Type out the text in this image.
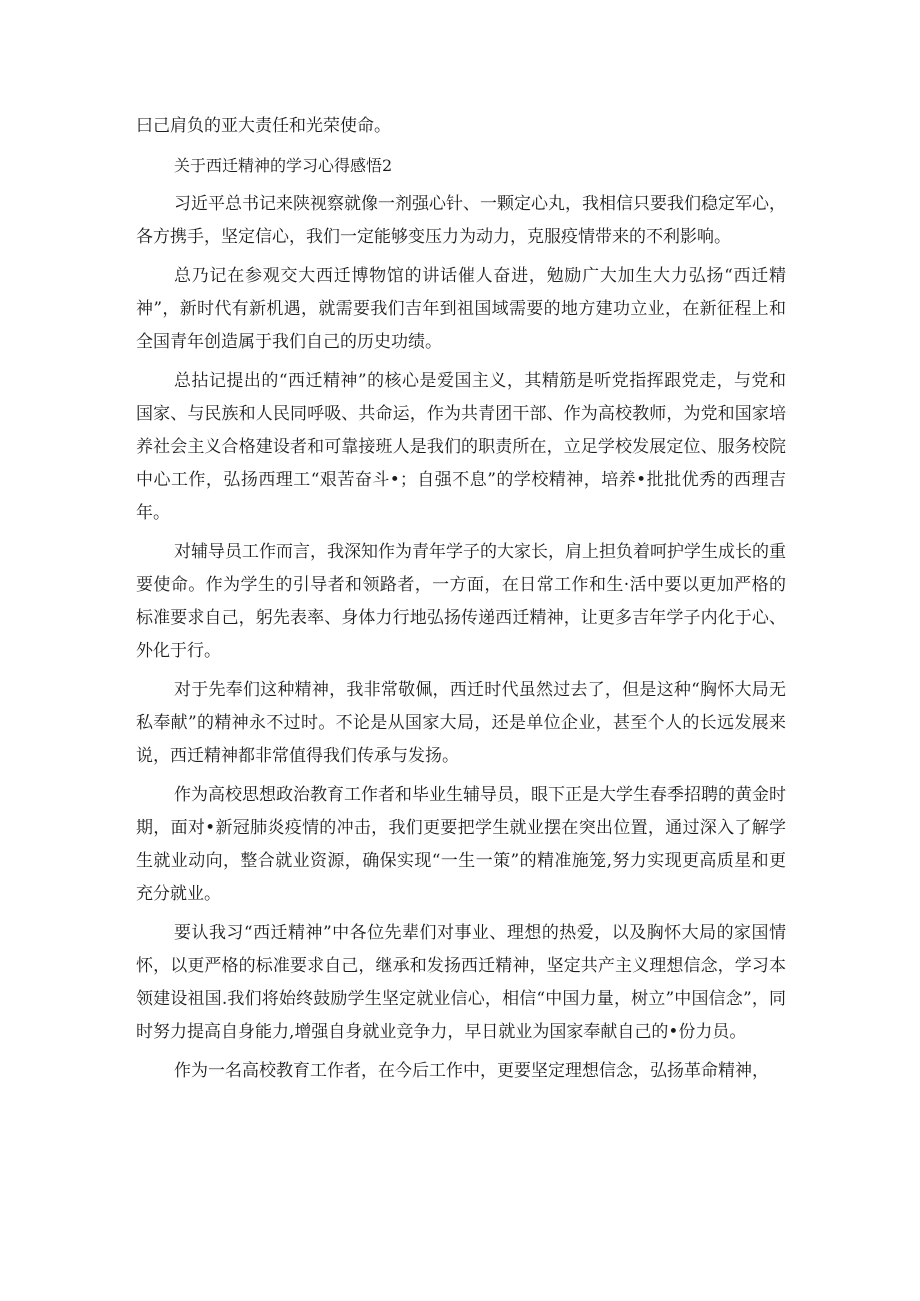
曰己肩负的亚大责任和光荣使命。

关于西迁精神的学习心得感悟2

习近平总书记来陕视察就像一剂强心针、一颗定心丸，我相信只要我们稳定军心，各方携手，坚定信心，我们一定能够变压力为动力，克服疫情带来的不利影响。

总乃记在参观交大西迁博物馆的讲话催人奋进，勉励广大加生大力弘扬“西迁精神”，新时代有新机遇，就需要我们吉年到祖国域需要的地方建功立业，在新征程上和全国青年创造属于我们自己的历史功绩。

总拈记提出的“西迁精神”的核心是爱国主义，其精筋是听党指挥跟党走，与党和国家、与民族和人民同呼吸、共命运，作为共青团干部、作为高校教师，为党和国家培养社会主义合格建设者和可靠接班人是我们的职责所在，立足学校发展定位、服务校院中心工作，弘扬西理工“艰苦奋斗•；自强不息”的学校精神，培养•批批优秀的西理吉年。

对辅导员工作而言，我深知作为青年学子的大家长，肩上担负着呵护学生成长的重要使命。作为学生的引导者和领路者，一方面，在日常工作和生·活中要以更加严格的标准要求自己，躬先表率、身体力行地弘扬传递西迁精神，让更多吉年学子内化于心、外化于行。

对于先奉们这种精神，我非常敬佩，西迁时代虽然过去了，但是这种“胸怀大局无私奉献”的精神永不过时。不论是从国家大局，还是单位企业，甚至个人的长远发展来说，西迁精神都非常值得我们传承与发扬。

作为高校思想政治教育工作者和毕业生辅导员，眼下正是大学生春季招聘的黄金时期，面对•新冠肺炎疫情的冲击，我们更要把学生就业摆在突出位置，通过深入了解学生就业动向，整合就业资源，确保实现“一生一策”的精准施笼,努力实现更高质星和更充分就业。

要认我习“西迁精神”中各位先辈们对事业、理想的热爱，以及胸怀大局的家国情怀，以更严格的标准要求自己，继承和发扬西迁精神，坚定共产主义理想信念，学习本领建设祖国.我们将始终鼓励学生坚定就业信心，相信“中国力量，树立”中国信念”，同时努力提高自身能力,增强自身就业竞争力，早日就业为国家奉献自己的•份力员。

作为一名高校教育工作者，在今后工作中，更要坚定理想信念，弘扬革命精神，
